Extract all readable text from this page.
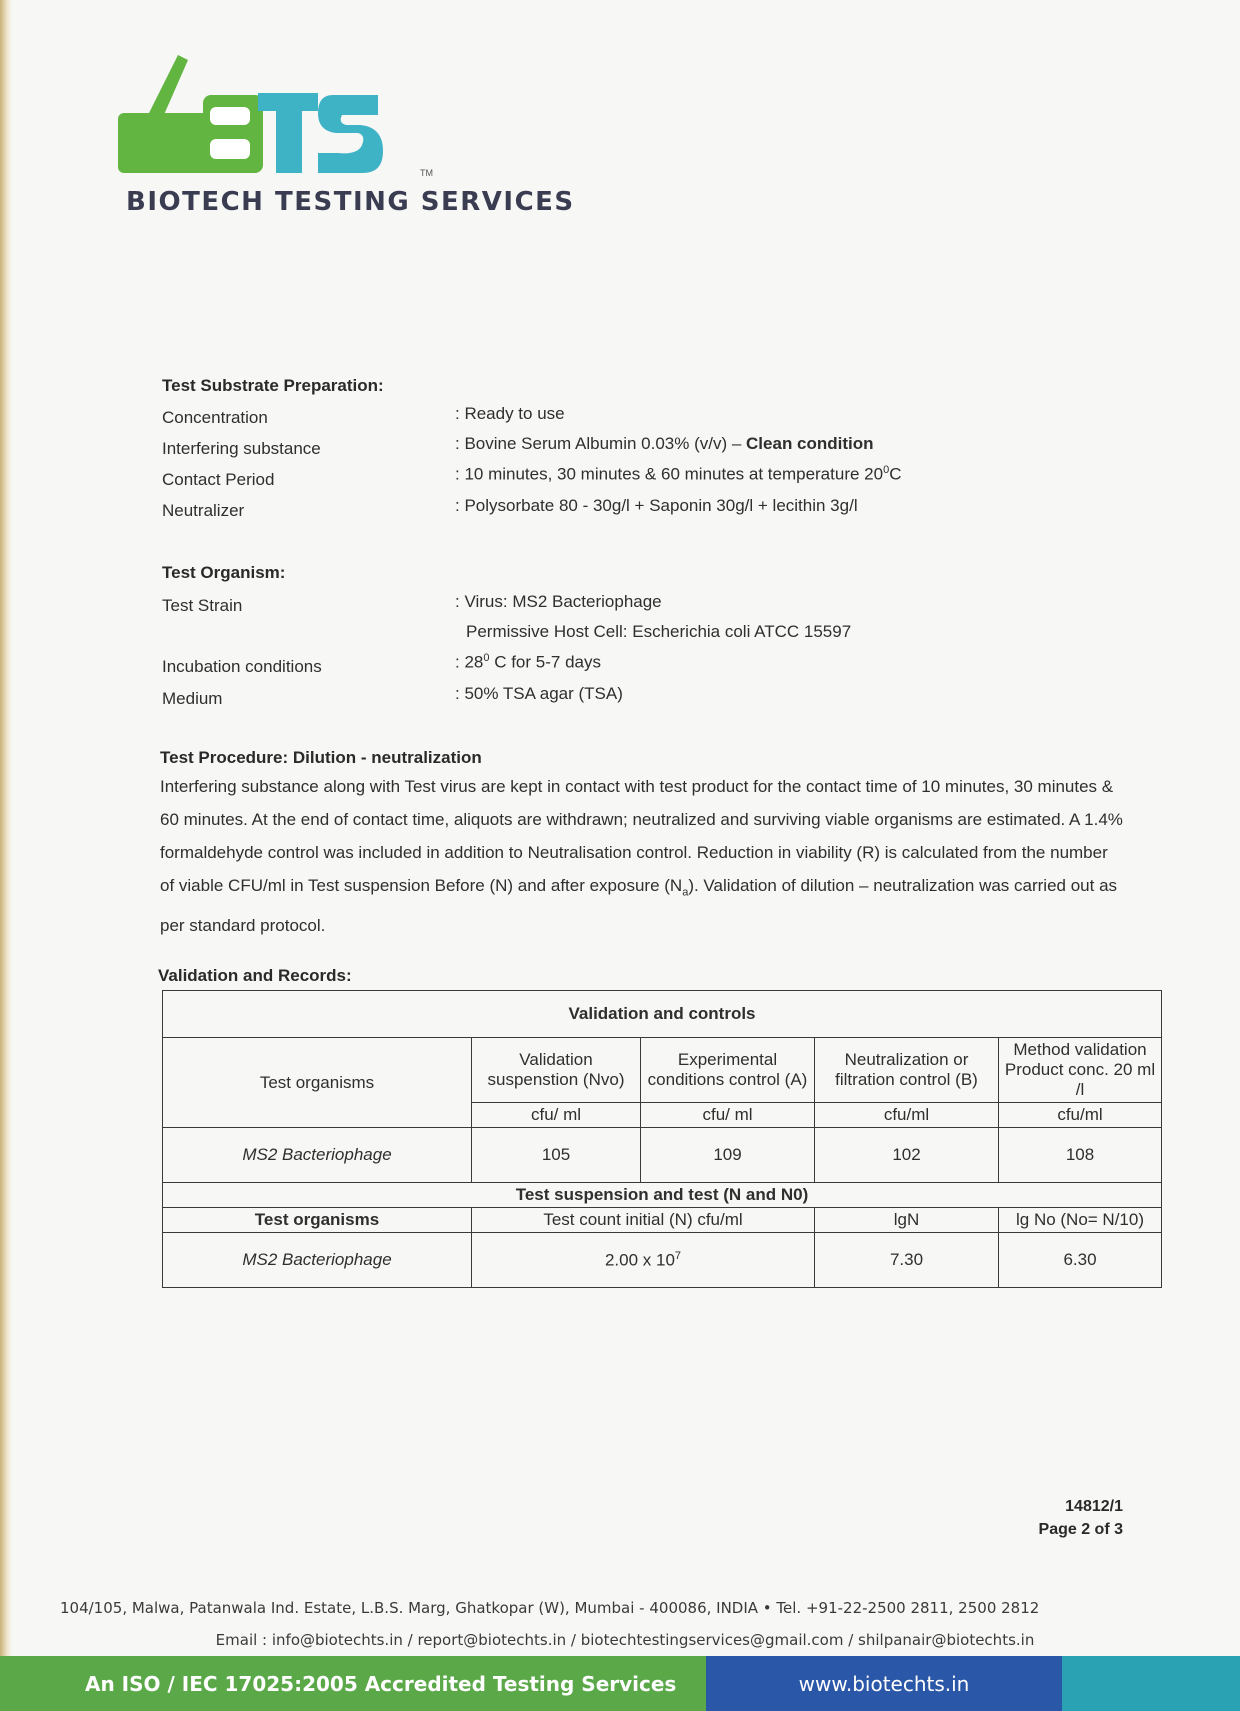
TM
BIOTECH TESTING SERVICES
Test Substrate Preparation:
Concentration	: Ready to use
Interfering substance	: Bovine Serum Albumin 0.03% (v/v) – Clean condition
Contact Period	: 10 minutes, 30 minutes & 60 minutes at temperature $20^0C$
Neutralizer	: Polysorbate 80 - 30g/l + Saponin 30g/l + lecithin 3g/l
Test Organism:
Test Strain	: Virus: MS2 Bacteriophage
Permissive Host Cell: Escherichia coli ATCC 15597
Incubation conditions	: $28^0$ C for 5-7 days
Medium	: 50% TSA agar (TSA)
Test Procedure: Dilution - neutralization
Interfering substance along with Test virus are kept in contact with test product for the contact time of 10 minutes, 30 minutes & 60 minutes. At the end of contact time, aliquots are withdrawn; neutralized and surviving viable organisms are estimated. A 1.4% formaldehyde control was included in addition to Neutralisation control. Reduction in viability (R) is calculated from the number of viable CFU/ml in Test suspension Before (N) and after exposure $(N_a)$. Validation of dilution – neutralization was carried out as per standard protocol.
Validation and Records:
Validation and controls				
Test organisms	Validation suspenstion (Nvo)	Experimental conditions control (A)	Neutralization or filtration control (B)	Method validation Product conc. 20 ml /l
	cfu/ ml	cfu/ ml	cfu/ml	cfu/ml
MS2 Bacteriophage	105	109	102	108
Test suspension and test (N and N0)				
Test organisms	Test count initial (N) cfu/ml		lgN	lg No (No= N/10)
MS2 Bacteriophage	2.00 x $10^7$		7.30	6.30
14812/1
Page 2 of 3
104/105, Malwa, Patanwala Ind. Estate, L.B.S. Marg, Ghatkopar (W), Mumbai - 400086, INDIA • Tel. +91-22-2500 2811, 2500 2812
Email : info@biotechts.in / report@biotechts.in / biotechtestingservices@gmail.com / shilpanair@biotechts.in
An ISO / IEC 17025:2005 Accredited Testing Services	www.biotechts.in
